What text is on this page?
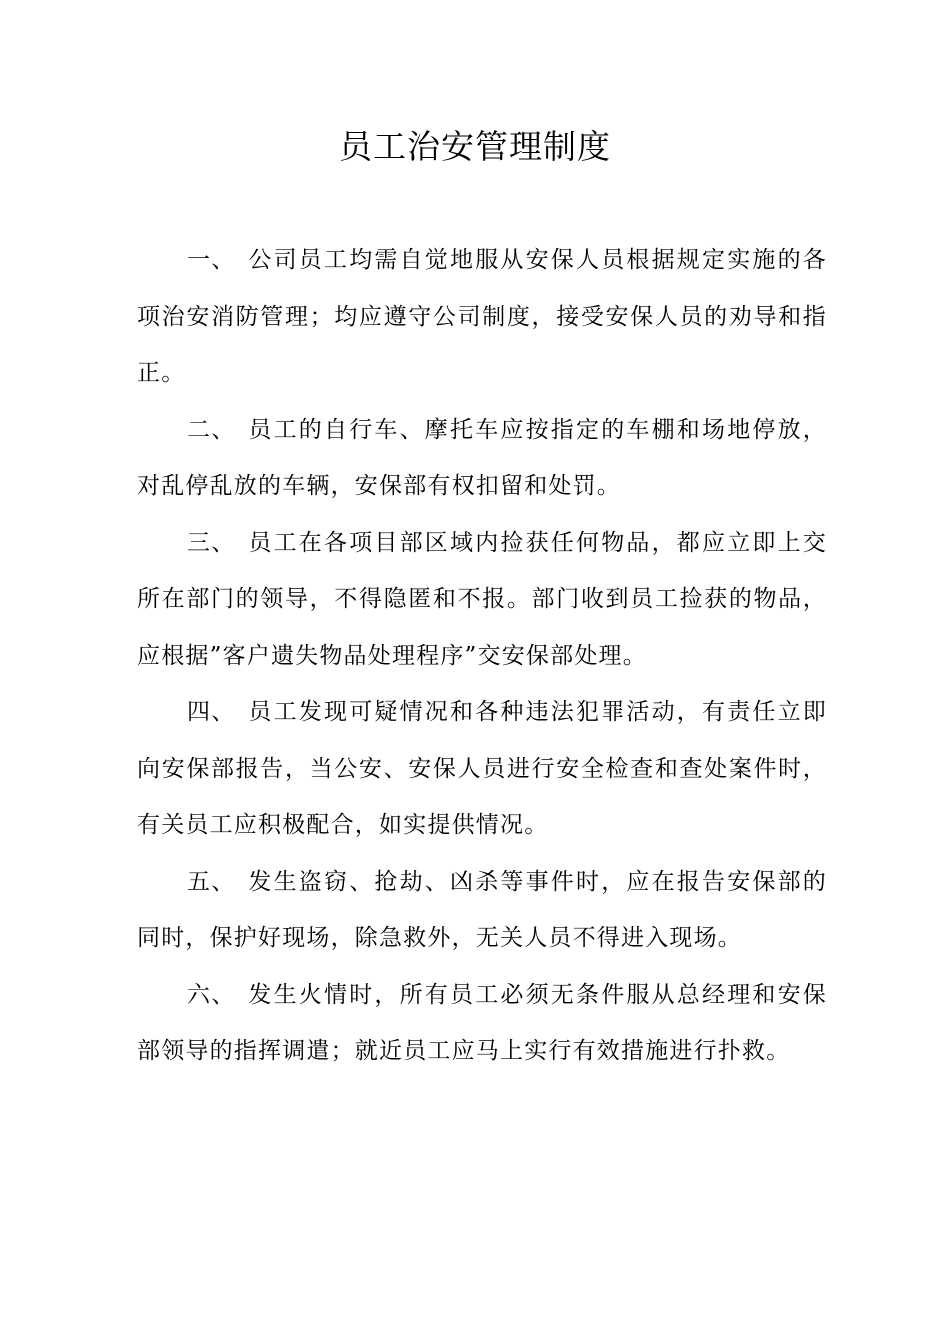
员工治安管理制度

一、 公司员工均需自觉地服从安保人员根据规定实施的各项治安消防管理；均应遵守公司制度，接受安保人员的劝导和指正。

二、 员工的自行车、摩托车应按指定的车棚和场地停放，对乱停乱放的车辆，安保部有权扣留和处罚。

三、 员工在各项目部区域内捡获任何物品，都应立即上交所在部门的领导，不得隐匿和不报。部门收到员工捡获的物品，应根据”客户遗失物品处理程序”交安保部处理。

四、 员工发现可疑情况和各种违法犯罪活动，有责任立即向安保部报告，当公安、安保人员进行安全检查和查处案件时，有关员工应积极配合，如实提供情况。

五、 发生盗窃、抢劫、凶杀等事件时，应在报告安保部的同时，保护好现场，除急救外，无关人员不得进入现场。

六、 发生火情时，所有员工必须无条件服从总经理和安保部领导的指挥调遣；就近员工应马上实行有效措施进行扑救。
